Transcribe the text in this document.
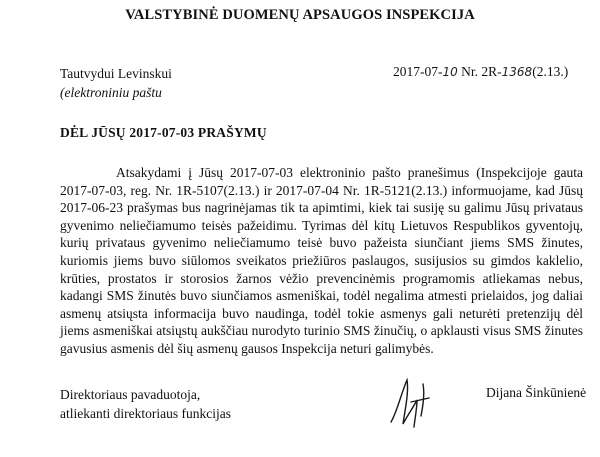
VALSTYBINĖ DUOMENŲ APSAUGOS INSPEKCIJA
Tautvydui Levinskui
(elektroniniu paštu
2017-07-10 Nr. 2R-1368(2.13.)
DĖL JŪSŲ 2017-07-03 PRAŠYMŲ
Atsakydami į Jūsų 2017-07-03 elektroninio pašto pranešimus (Inspekcijoje gauta 2017-07-03, reg. Nr. 1R-5107(2.13.) ir 2017-07-04 Nr. 1R-5121(2.13.) informuojame, kad Jūsų 2017-06-23 prašymas bus nagrinėjamas tik ta apimtimi, kiek tai susiję su galimu Jūsų privataus gyvenimo neliečiamumo teisės pažeidimu. Tyrimas dėl kitų Lietuvos Respublikos gyventojų, kurių privataus gyvenimo neliečiamumo teisė buvo pažeista siunčiant jiems SMS žinutes, kuriomis jiems buvo siūlomos sveikatos priežiūros paslaugos, susijusios su gimdos kaklelio, krūties, prostatos ir storosios žarnos vėžio prevencinėmis programomis atliekamas nebus, kadangi SMS žinutės buvo siunčiamos asmeniškai, todėl negalima atmesti prielaidos, jog daliai asmenų atsiųsta informacija buvo naudinga, todėl tokie asmenys gali neturėti pretenzijų dėl jiems asmeniškai atsiųstų aukščiau nurodyto turinio SMS žinučių, o apklausti visus SMS žinutes gavusius asmenis dėl šių asmenų gausos Inspekcija neturi galimybės.
Direktoriaus pavaduotoja,
atliekanti direktoriaus funkcijas
Dijana Šinkūnienė
